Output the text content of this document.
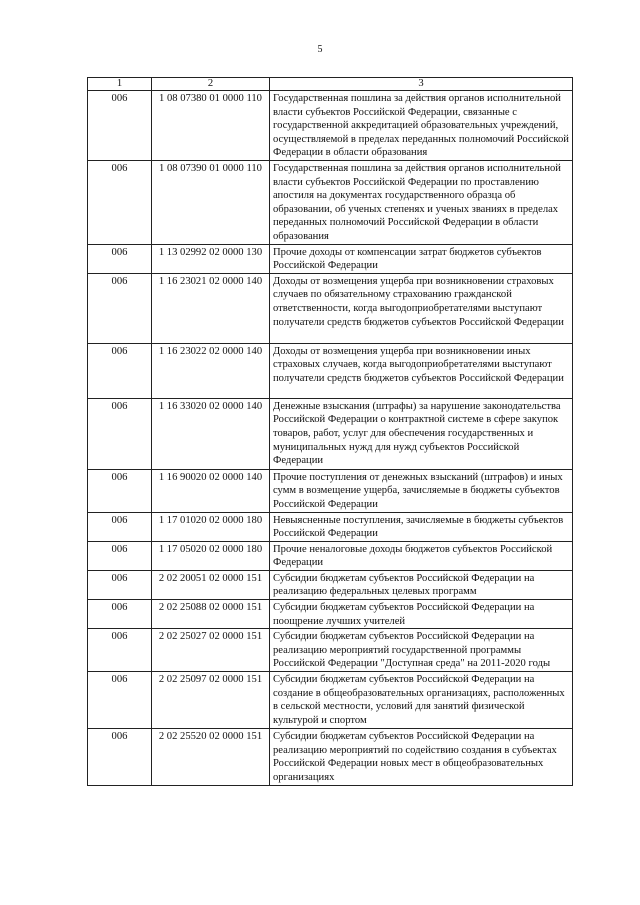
5
1	2	3
006	1 08 07380 01 0000 110	Государственная пошлина за действия органов исполнительной власти субъектов Российской Федерации, связанные с государственной аккредитацией образовательных учреждений, осуществляемой в пределах переданных полномочий Российской Федерации в области образования
006	1 08 07390 01 0000 110	Государственная пошлина за действия органов исполнительной власти субъектов Российской Федерации по проставлению апостиля на документах государственного образца об образовании, об ученых степенях и ученых званиях в пределах переданных полномочий Российской Федерации в области образования
006	1 13 02992 02 0000 130	Прочие доходы от компенсации затрат бюджетов субъектов Российской Федерации
006	1 16 23021 02 0000 140	Доходы от возмещения ущерба при возникновении страховых случаев по обязательному страхованию гражданской ответственности, когда выгодоприобретателями выступают получатели средств бюджетов субъектов Российской Федерации
006	1 16 23022 02 0000 140	Доходы от возмещения ущерба при возникновении иных страховых случаев, когда выгодоприобретателями выступают получатели средств бюджетов субъектов Российской Федерации
006	1 16 33020 02 0000 140	Денежные взыскания (штрафы) за нарушение законодательства Российской Федерации о контрактной системе в сфере закупок товаров, работ, услуг для обеспечения государственных и муниципальных нужд для нужд субъектов Российской Федерации
006	1 16 90020 02 0000 140	Прочие поступления от денежных взысканий (штрафов) и иных сумм в возмещение ущерба, зачисляемые в бюджеты субъектов Российской Федерации
006	1 17 01020 02 0000 180	Невыясненные поступления, зачисляемые в бюджеты субъектов Российской Федерации
006	1 17 05020 02 0000 180	Прочие неналоговые доходы бюджетов субъектов Российской Федерации
006	2 02 20051 02 0000 151	Субсидии бюджетам субъектов Российской Федерации на реализацию федеральных целевых программ
006	2 02 25088 02 0000 151	Субсидии бюджетам субъектов Российской Федерации на поощрение лучших учителей
006	2 02 25027 02 0000 151	Субсидии бюджетам субъектов Российской Федерации на реализацию мероприятий государственной программы Российской Федерации "Доступная среда" на 2011-2020 годы
006	2 02 25097 02 0000 151	Субсидии бюджетам субъектов Российской Федерации на создание в общеобразовательных организациях, расположенных в сельской местности, условий для занятий физической культурой и спортом
006	2 02 25520 02 0000 151	Субсидии бюджетам субъектов Российской Федерации на реализацию мероприятий по содействию создания в субъектах Российской Федерации новых мест в общеобразовательных организациях
